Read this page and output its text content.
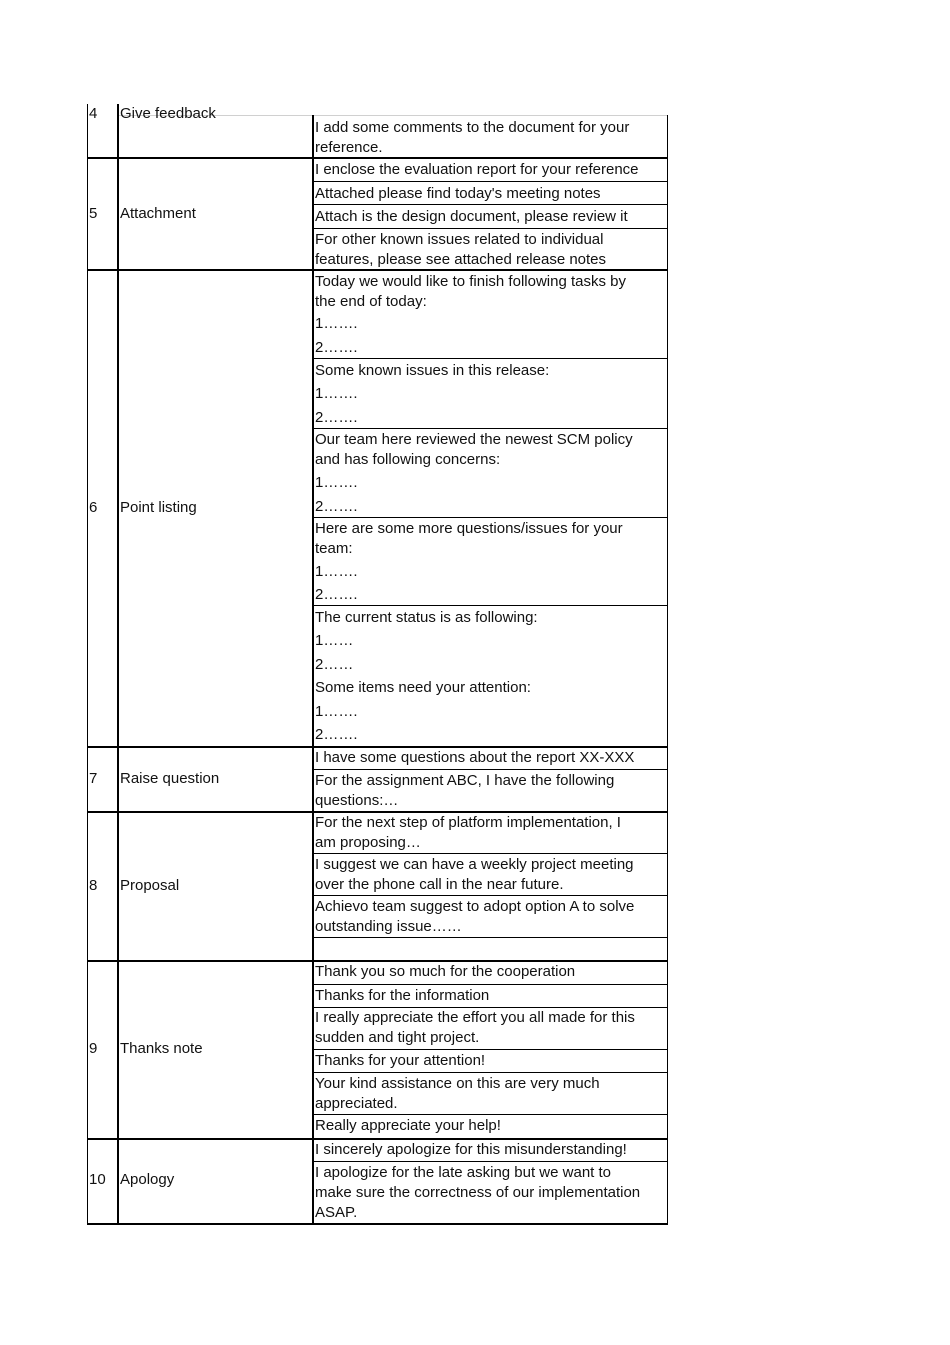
4 Give feedback
I add some comments to the document for your
reference.
5 Attachment
I enclose the evaluation report for your reference
Attached please find today's meeting notes
Attach is the design document, please review it
For other known issues related to individual
features, please see attached release notes
6 Point listing
Today we would like to finish following tasks by
the end of today:
1…….
2…….
Some known issues in this release:
1…….
2…….
Our team here reviewed the newest SCM policy
and has following concerns:
1…….
2…….
Here are some more questions/issues for your
team:
1…….
2…….
The current status is as following:
1……
2……
Some items need your attention:
1…….
2…….
7 Raise question
I have some questions about the report XX-XXX
For the assignment ABC, I have the following
questions:…
8 Proposal
For the next step of platform implementation, I
am proposing…
I suggest we can have a weekly project meeting
over the phone call in the near future.
Achievo team suggest to adopt option A to solve
outstanding issue……
9 Thanks note
Thank you so much for the cooperation
Thanks for the information
I really appreciate the effort you all made for this
sudden and tight project.
Thanks for your attention!
Your kind assistance on this are very much
appreciated.
Really appreciate your help!
10 Apology
I sincerely apologize for this misunderstanding!
I apologize for the late asking but we want to
make sure the correctness of our implementation
ASAP.
